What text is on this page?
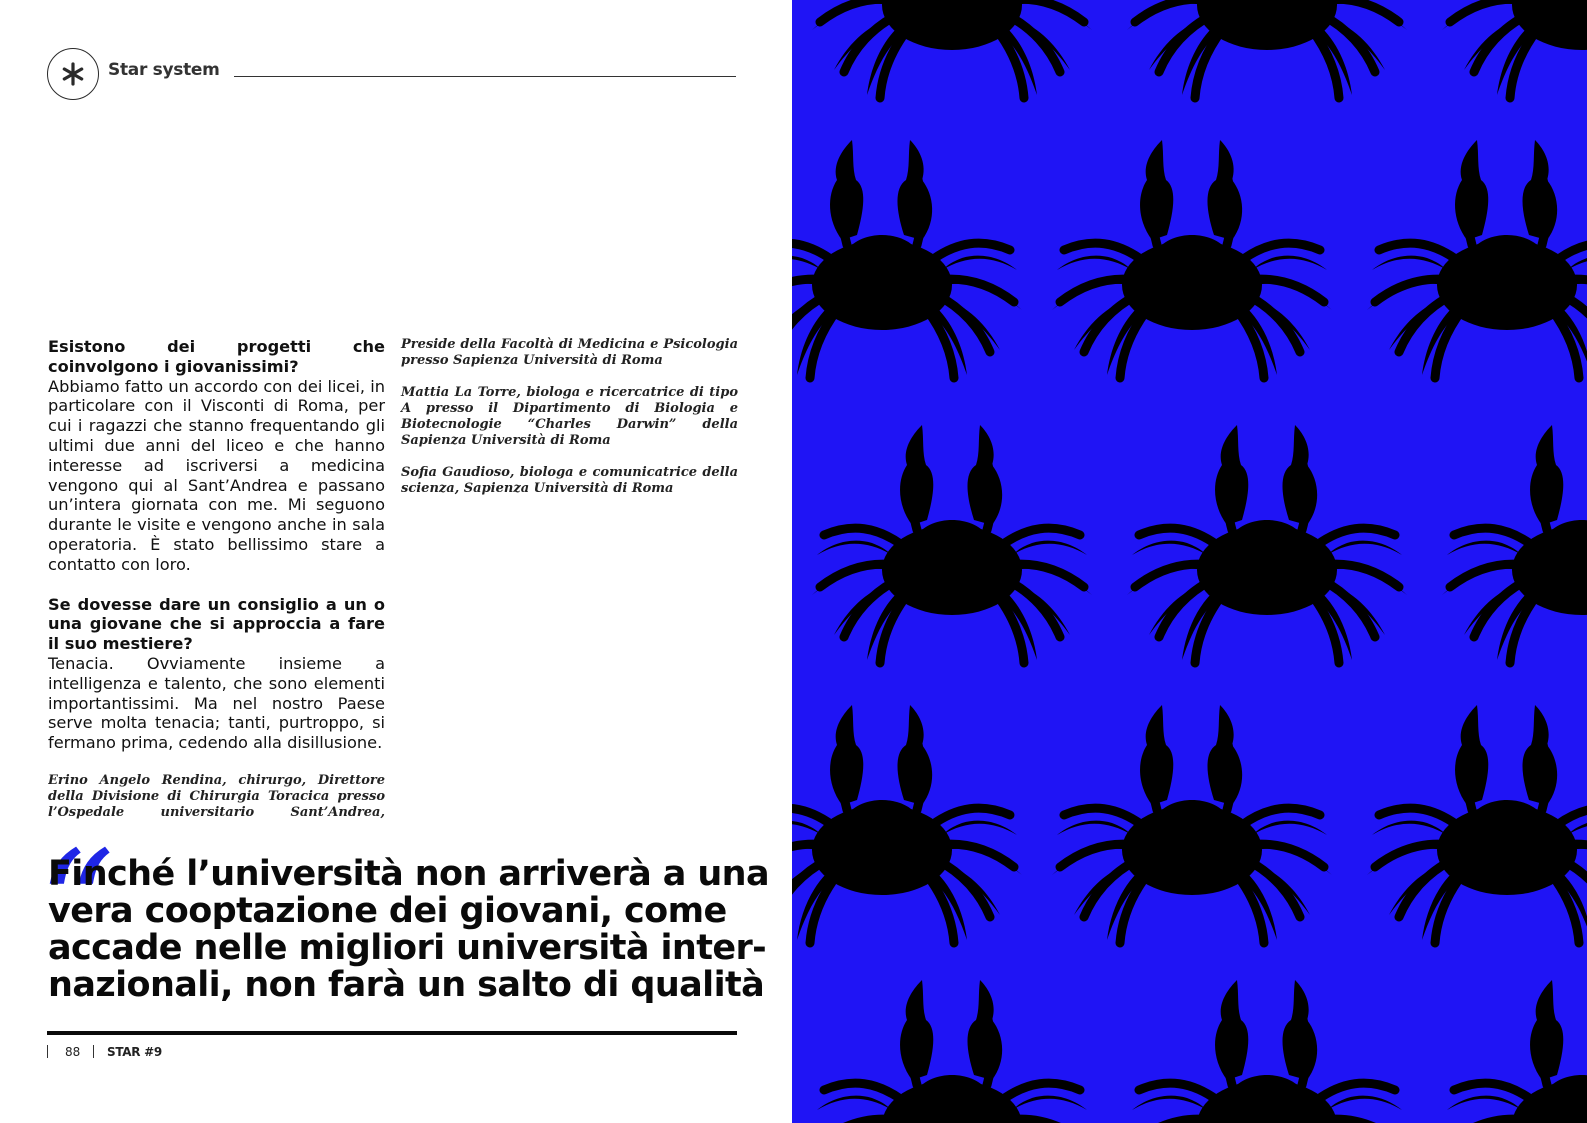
Star system

Esistono dei progetti che coinvolgono i giovanissimi?

Abbiamo fatto un accordo con dei licei, in particolare con il Visconti di Roma, per cui i ragazzi che stanno frequentando gli ultimi due anni del liceo e che hanno interesse ad iscriversi a medicina vengono qui al Sant’Andrea e passano un’intera giornata con me. Mi seguono durante le visite e vengono anche in sala operatoria. È stato bellissimo stare a contatto con loro.

Se dovesse dare un consiglio a un o una giovane che si approccia a fare il suo mestiere?

Tenacia. Ovviamente insieme a intelligenza e talento, che sono elementi importantissimi. Ma nel nostro Paese serve molta tenacia; tanti, purtroppo, si fermano prima, cedendo alla disillusione.

Erino Angelo Rendina, chirurgo, Direttore della Divisione di Chirurgia Toracica presso l’Ospedale universitario Sant’Andrea,

Preside della Facoltà di Medicina e Psicologia presso Sapienza Università di Roma

Mattia La Torre, biologa e ricercatrice di tipo A presso il Dipartimento di Biologia e Biotecnologie “Charles Darwin” della Sapienza Università di Roma

Sofia Gaudioso, biologa e comunicatrice della scienza, Sapienza Università di Roma

“
Finché l’università non arriverà a una
vera cooptazione dei giovani, come
accade nelle migliori università inter-
nazionali, non farà un salto di qualità
88 STAR #9
